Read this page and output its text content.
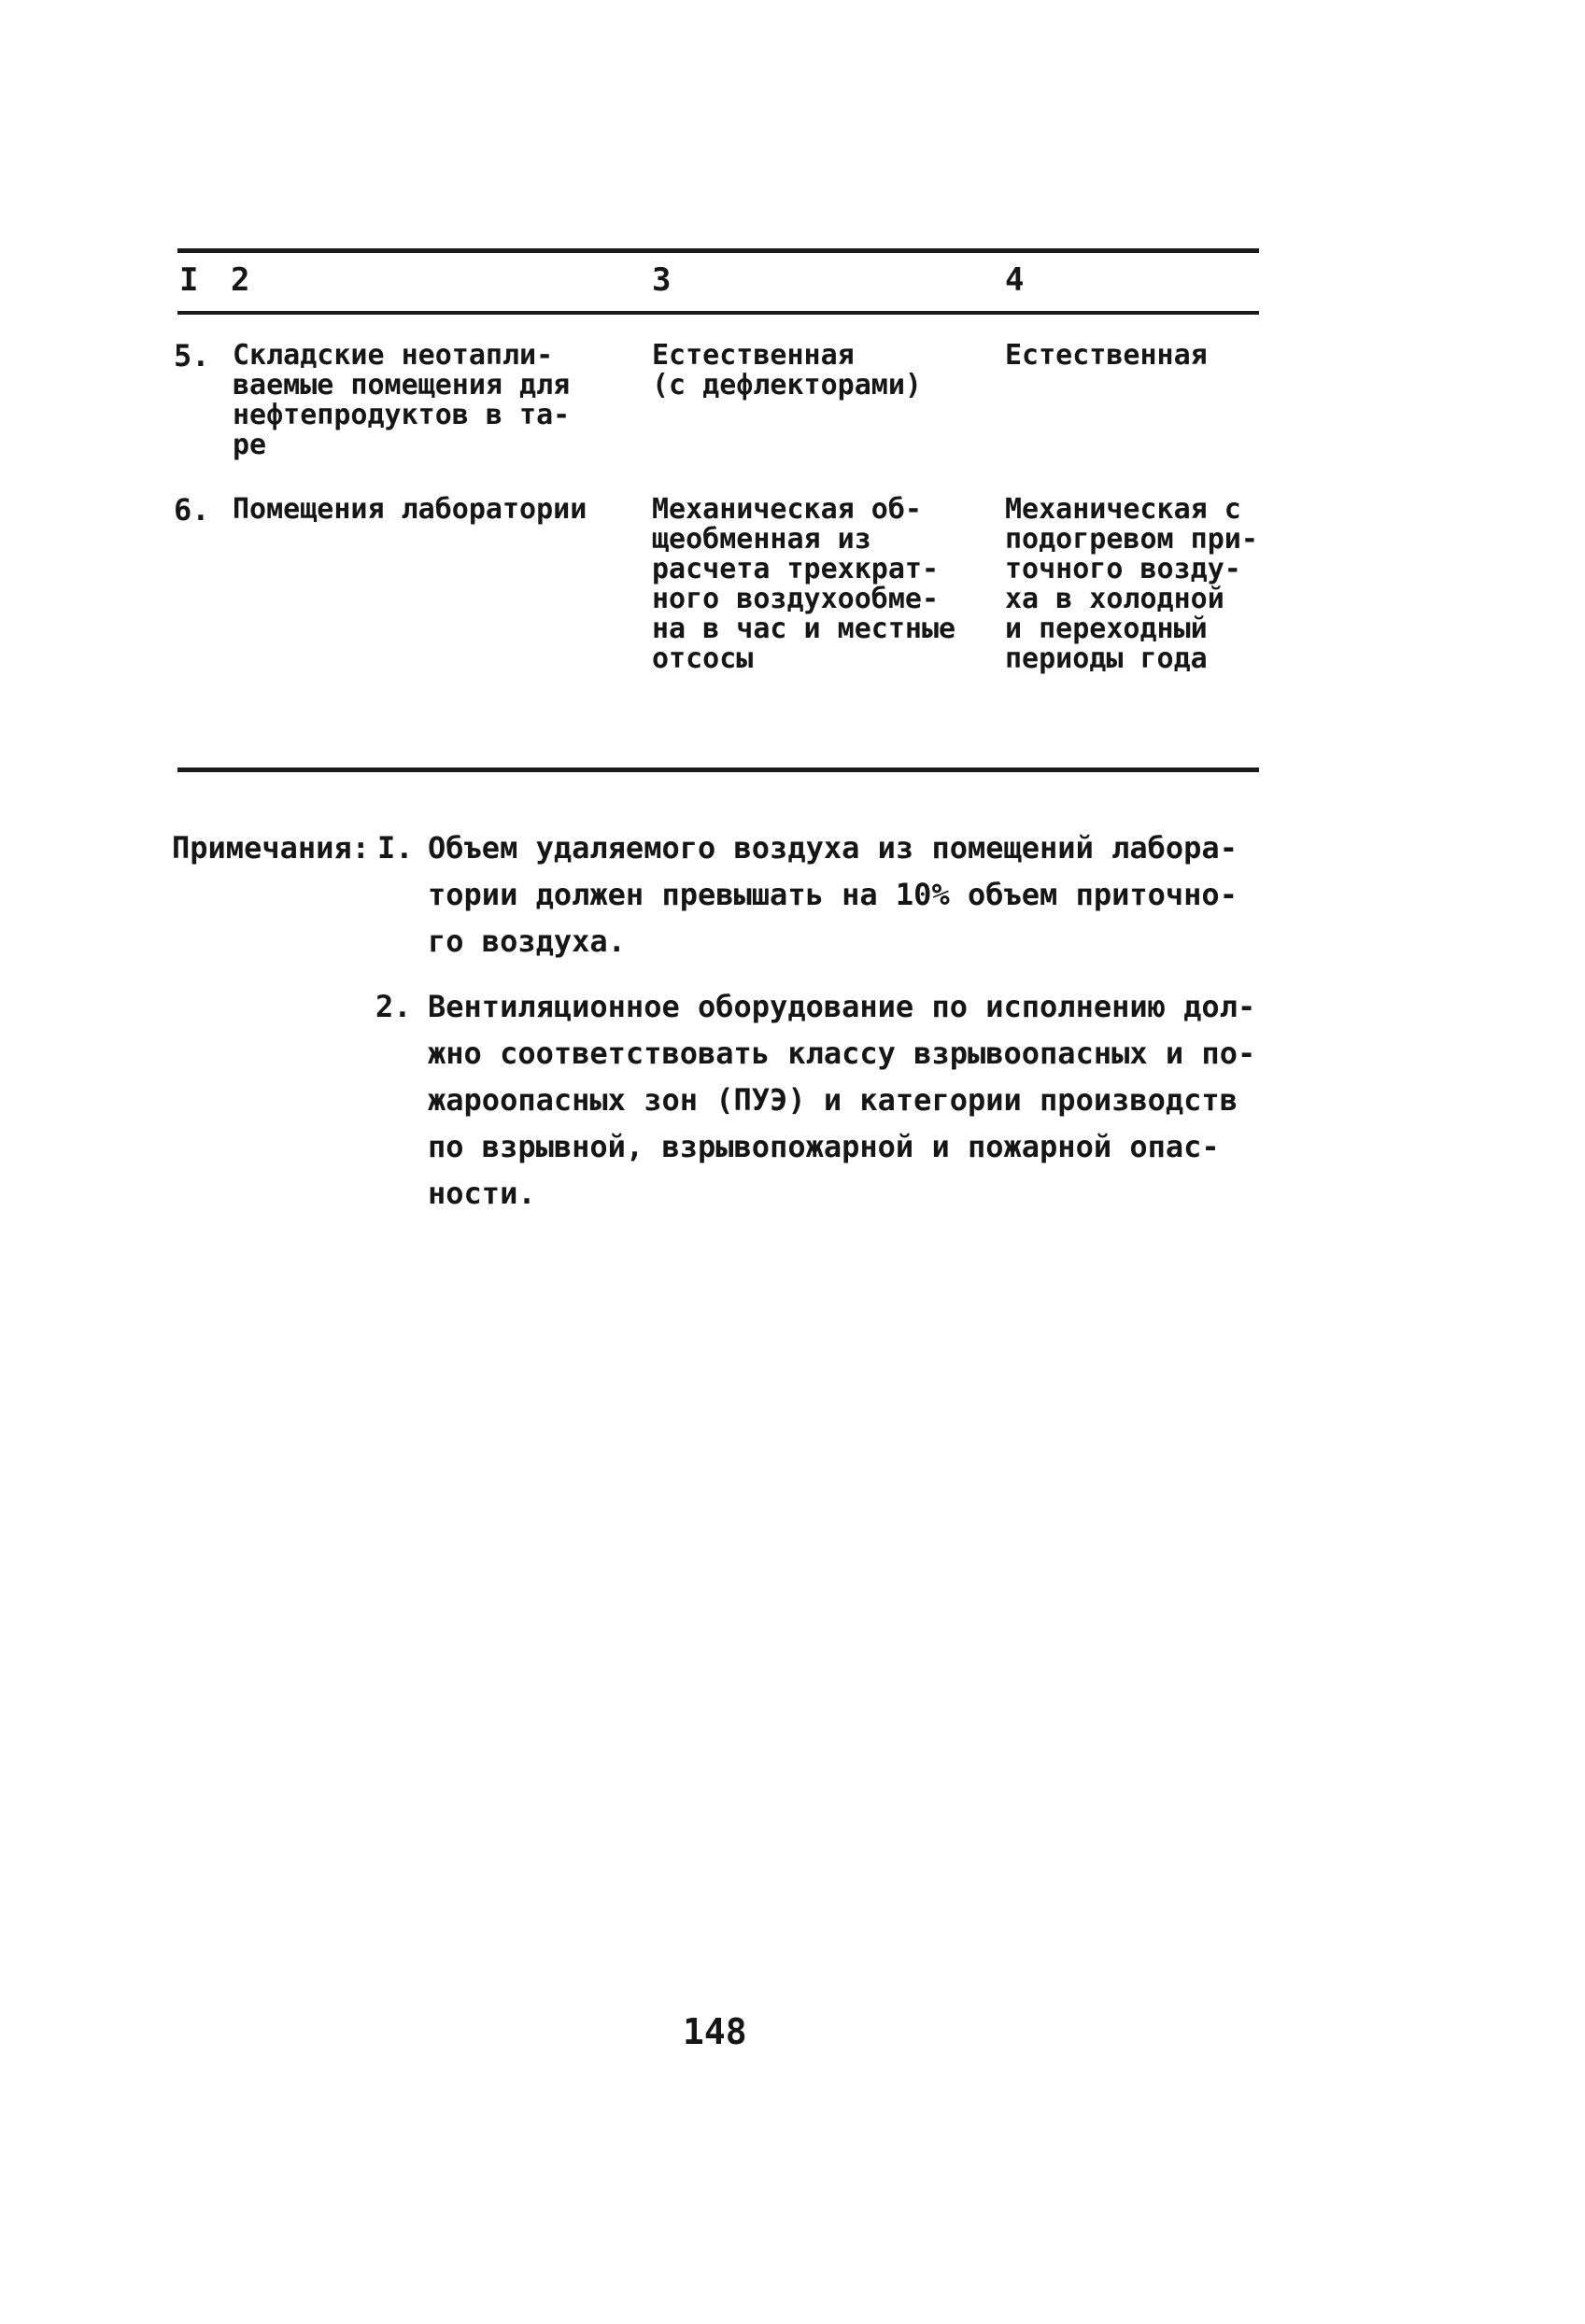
I 2	3	4
5. Складские неотапли-
ваемые помещения для
нефтепродуктов в та-
ре
Естественная
(с дефлекторами)
Естественная
6. Помещения лаборатории Механическая об-
щеобменная из
расчета трехкрат-
ного воздухообме-
на в час и местные
отсосы
Механическая с
подогревом при-
точного возду-
ха в холодной
и переходный
периоды года
Примечания: I. Объем удаляемого воздуха из помещений лабора-
тории должен превышать на 10% объем приточно-
го воздуха.
2. Вентиляционное оборудование по исполнению дол-
жно соответствовать классу взрывоопасных и по-
жароопасных зон (ПУЭ) и категории производств
по взрывной, взрывопожарной и пожарной опас-
ности.
148
